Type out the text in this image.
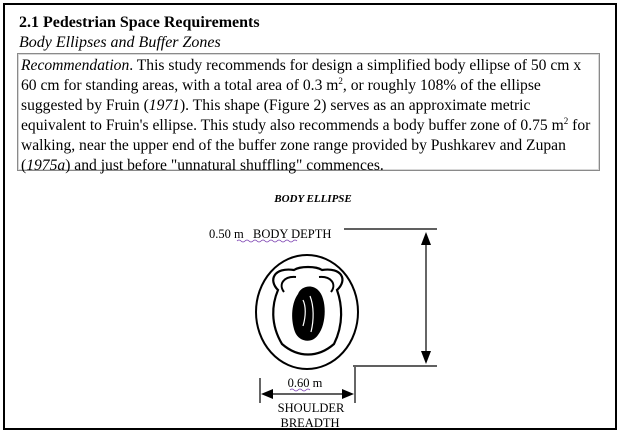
2.1 Pedestrian Space Requirements
Body Ellipses and Buffer Zones
Recommendation. This study recommends for design a simplified body ellipse of 50 cm x 60 cm for standing areas, with a total area of 0.3 $m^2$, or roughly 108% of the ellipse suggested by Fruin (1971). This shape (Figure 2) serves as an approximate metric equivalent to Fruin's ellipse. This study also recommends a body buffer zone of 0.75 $m^2$ for walking, near the upper end of the buffer zone range provided by Pushkarev and Zupan (1975a) and just before "unnatural shuffling" commences.
BODY ELLIPSE
0.50 m BODY DEPTH
0.60 m
SHOULDER
BREADTH
